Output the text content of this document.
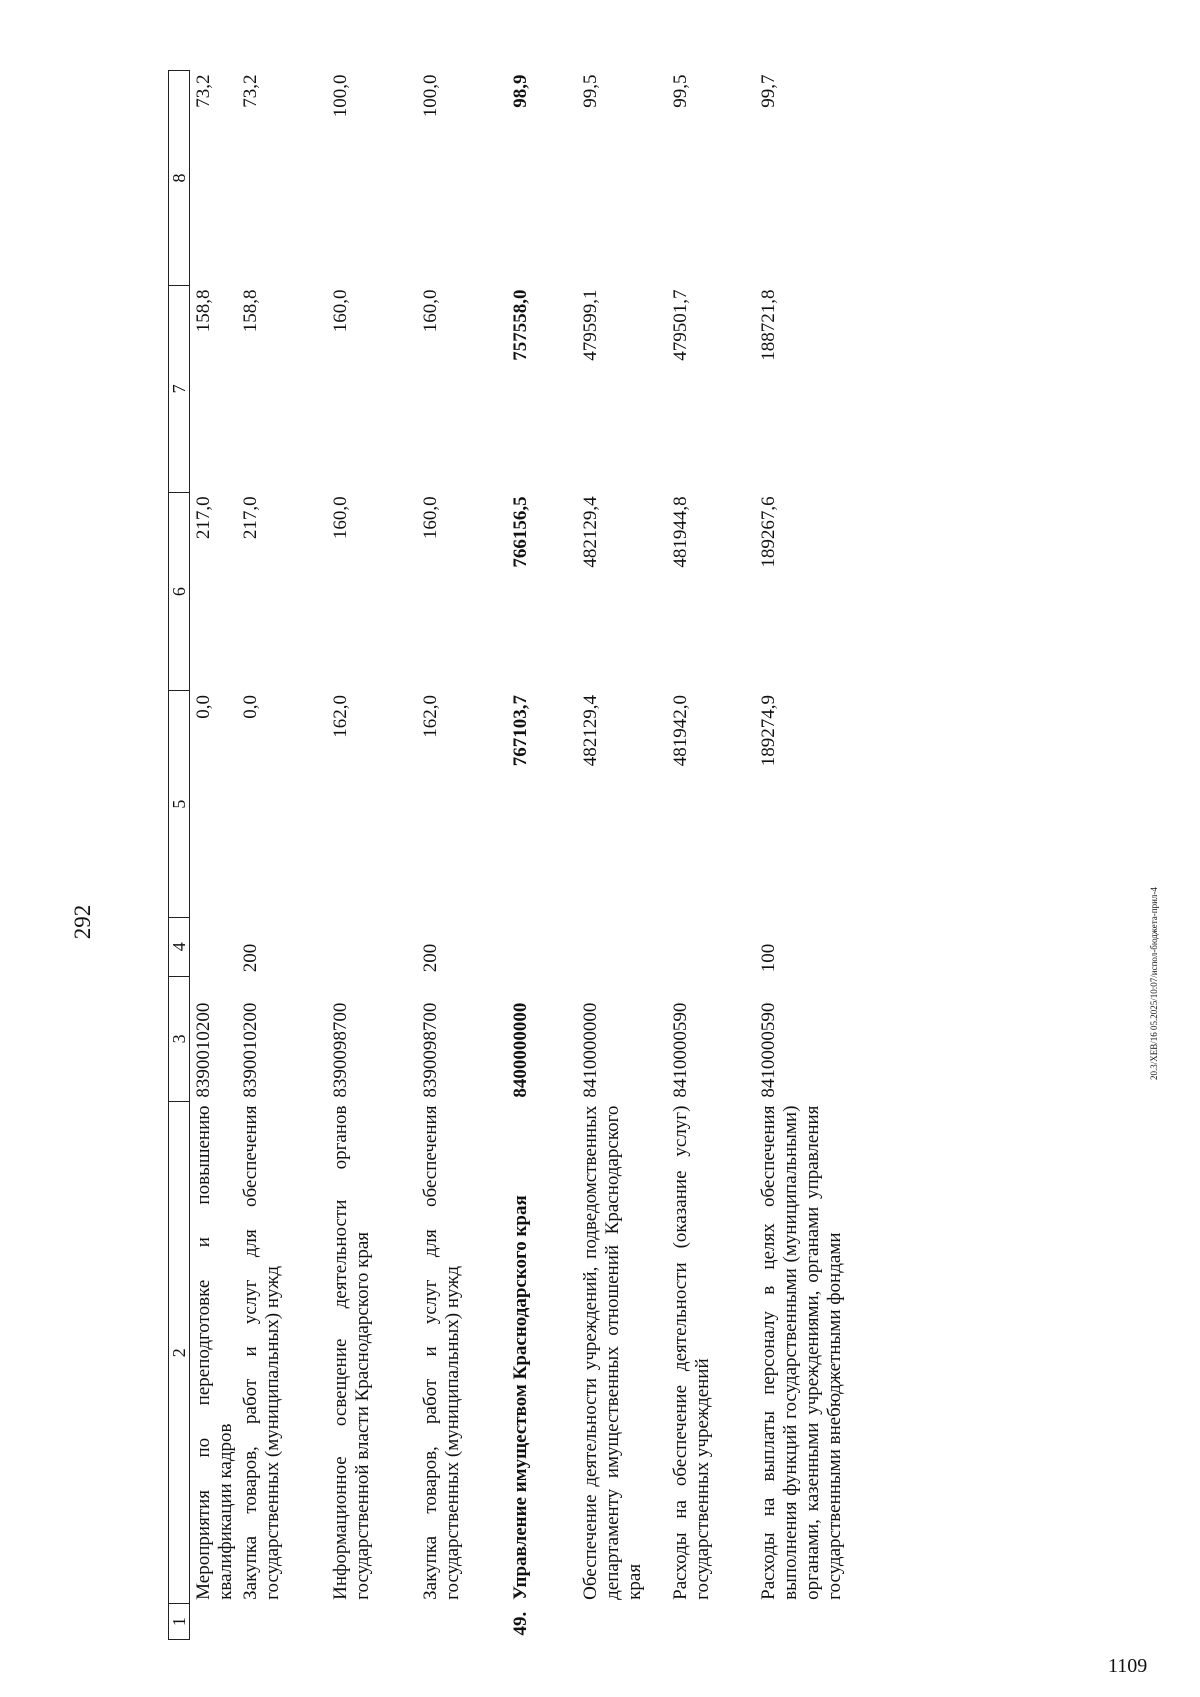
292
1	2	3	4	5	6	7	8
	Мероприятия по переподготовке и повышению квалификации кадров	8390010200		0,0	217,0	158,8	73,2
	Закупка товаров, работ и услуг для обеспечения государственных (муниципальных) нужд	8390010200	200	0,0	217,0	158,8	73,2
	Информационное освещение деятельности органов государственной власти Краснодарского края	8390098700		162,0	160,0	160,0	100,0
	Закупка товаров, работ и услуг для обеспечения государственных (муниципальных) нужд	8390098700	200	162,0	160,0	160,0	100,0
49.	Управление имуществом Краснодарского края	8400000000		767103,7	766156,5	757558,0	98,9
	Обеспечение деятельности учреждений, подведомственных департаменту имущественных отношений Краснодарского края	8410000000		482129,4	482129,4	479599,1	99,5
	Расходы на обеспечение деятельности (оказание услуг) государственных учреждений	8410000590		481942,0	481944,8	479501,7	99,5
	Расходы на выплаты персоналу в целях обеспечения выполнения функций государственными (муниципальными) органами, казенными учреждениями, органами управления государственными внебюджетными фондами	8410000590	100	189274,9	189267,6	188721,8	99,7
20.3/XEB/16 05.2025/10:07/испол-бюджета-прил-4
1109
